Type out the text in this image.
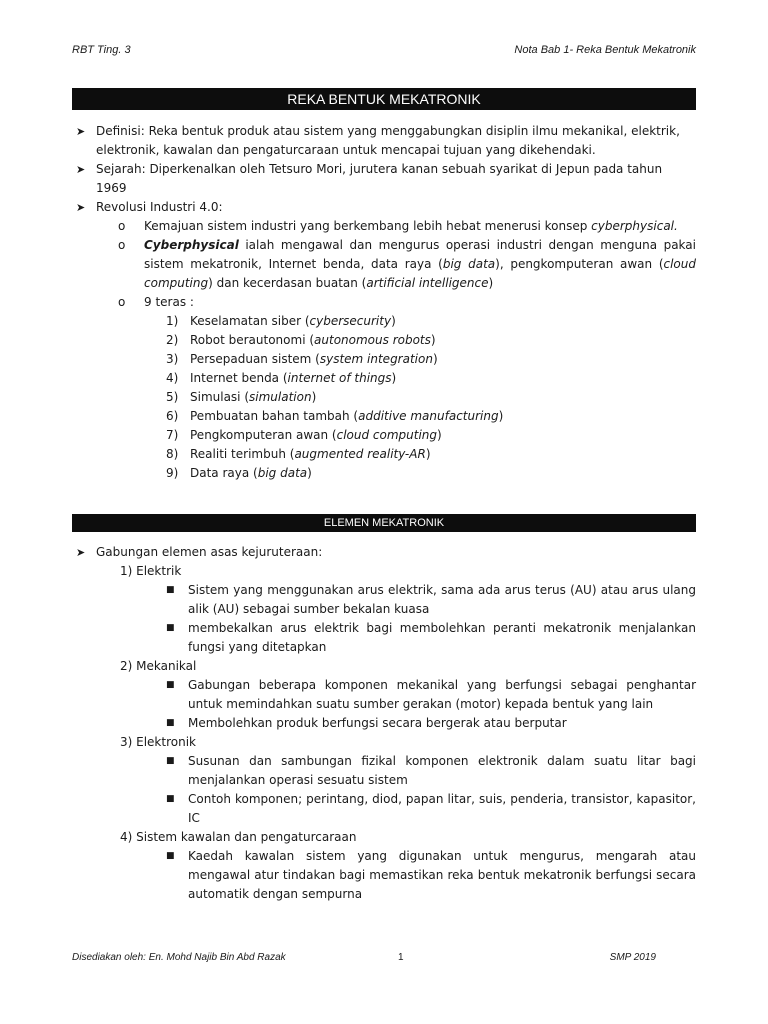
RBT Ting. 3	Nota Bab 1- Reka Bentuk Mekatronik
REKA BENTUK MEKATRONIK
➤ Definisi: Reka bentuk produk atau sistem yang menggabungkan disiplin ilmu mekanikal, elektrik, elektronik, kawalan dan pengaturcaraan untuk mencapai tujuan yang dikehendaki.
➤ Sejarah: Diperkenalkan oleh Tetsuro Mori, jurutera kanan sebuah syarikat di Jepun pada tahun 1969
➤ Revolusi Industri 4.0:
o Kemajuan sistem industri yang berkembang lebih hebat menerusi konsep cyberphysical.
o Cyberphysical ialah mengawal dan mengurus operasi industri dengan menguna pakai sistem mekatronik, Internet benda, data raya (big data), pengkomputeran awan (cloud computing) dan kecerdasan buatan (artificial intelligence)
o 9 teras :
1) Keselamatan siber (cybersecurity)
2) Robot berautonomi (autonomous robots)
3) Persepaduan sistem (system integration)
4) Internet benda (internet of things)
5) Simulasi (simulation)
6) Pembuatan bahan tambah (additive manufacturing)
7) Pengkomputeran awan (cloud computing)
8) Realiti terimbuh (augmented reality-AR)
9) Data raya (big data)
ELEMEN MEKATRONIK
➤ Gabungan elemen asas kejuruteraan:
1) Elektrik
■ Sistem yang menggunakan arus elektrik, sama ada arus terus (AU) atau arus ulang alik (AU) sebagai sumber bekalan kuasa
■ membekalkan arus elektrik bagi membolehkan peranti mekatronik menjalankan fungsi yang ditetapkan
2) Mekanikal
■ Gabungan beberapa komponen mekanikal yang berfungsi sebagai penghantar untuk memindahkan suatu sumber gerakan (motor) kepada bentuk yang lain
■ Membolehkan produk berfungsi secara bergerak atau berputar
3) Elektronik
■ Susunan dan sambungan fizikal komponen elektronik dalam suatu litar bagi menjalankan operasi sesuatu sistem
■ Contoh komponen; perintang, diod, papan litar, suis, penderia, transistor, kapasitor, IC
4) Sistem kawalan dan pengaturcaraan
■ Kaedah kawalan sistem yang digunakan untuk mengurus, mengarah atau mengawal atur tindakan bagi memastikan reka bentuk mekatronik berfungsi secara automatik dengan sempurna
Disediakan oleh: En. Mohd Najib Bin Abd Razak	1	SMP 2019
